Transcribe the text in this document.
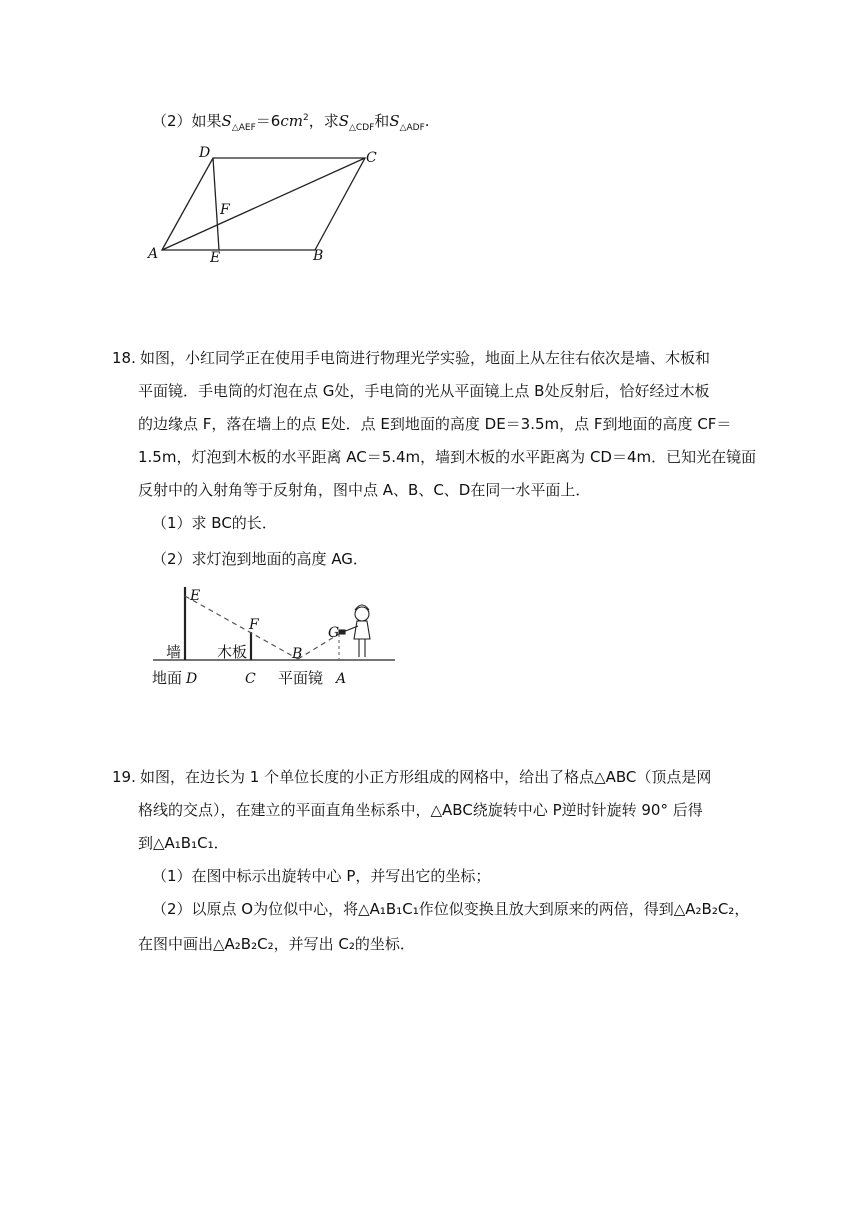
（2）如果$S_{\triangle AEF}=6cm^2$，求$S_{\triangle CDF}$和$S_{\triangle ADF}$.
D	C
F
A	E	B
18. 如图，小红同学正在使用手电筒进行物理光学实验，地面上从左往右依次是墙、木板和
平面镜．手电筒的灯泡在点 G处，手电筒的光从平面镜上点 B处反射后，恰好经过木板
的边缘点 F，落在墙上的点 E处．点 E到地面的高度 DE＝3.5m，点 F到地面的高度 CF＝
1.5m，灯泡到木板的水平距离 AC＝5.4m，墙到木板的水平距离为 CD＝4m．已知光在镜面
反射中的入射角等于反射角，图中点 A、B、C、D在同一水平面上．
（1）求 BC的长．
（2）求灯泡到地面的高度 AG．
E
F	G
B
D	C	A
墙 木板
地面	平面镜
19. 如图，在边长为 1 个单位长度的小正方形组成的网格中，给出了格点△ABC（顶点是网
格线的交点），在建立的平面直角坐标系中，△ABC绕旋转中心 P逆时针旋转 90° 后得
到△A₁B₁C₁．
（1）在图中标示出旋转中心 P，并写出它的坐标；
（2）以原点 O为位似中心，将△A₁B₁C₁作位似变换且放大到原来的两倍，得到△A₂B₂C₂，
在图中画出△A₂B₂C₂，并写出 C₂的坐标．
